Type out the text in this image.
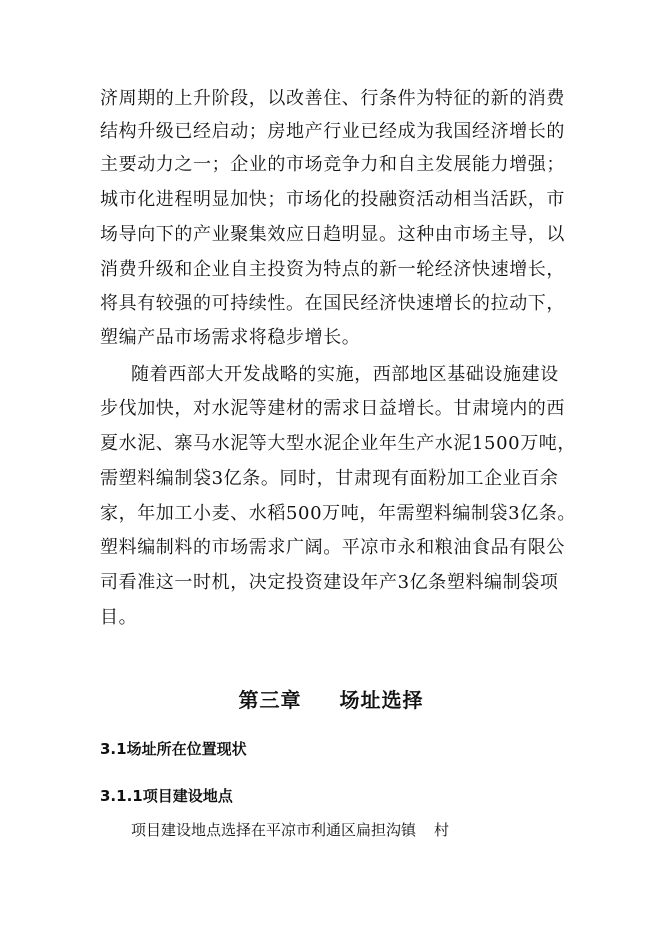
济周期的上升阶段，以改善住、行条件为特征的新的消费
结构升级已经启动；房地产行业已经成为我国经济增长的
主要动力之一；企业的市场竞争力和自主发展能力增强；
城市化进程明显加快；市场化的投融资活动相当活跃，市
场导向下的产业聚集效应日趋明显。这种由市场主导，以
消费升级和企业自主投资为特点的新一轮经济快速增长，
将具有较强的可持续性。在国民经济快速增长的拉动下，
塑编产品市场需求将稳步增长。
随着西部大开发战略的实施，西部地区基础设施建设
步伐加快，对水泥等建材的需求日益增长。甘肃境内的西
夏水泥、寨马水泥等大型水泥企业年生产水泥1500万吨，
需塑料编制袋3亿条。同时，甘肃现有面粉加工企业百余
家，年加工小麦、水稻500万吨，年需塑料编制袋3亿条。
塑料编制料的市场需求广阔。平凉市永和粮油食品有限公
司看准这一时机，决定投资建设年产3亿条塑料编制袋项
目。
第三章 场址选择
3.1场址所在位置现状
3.1.1项目建设地点
项目建设地点选择在平凉市利通区扁担沟镇 村
